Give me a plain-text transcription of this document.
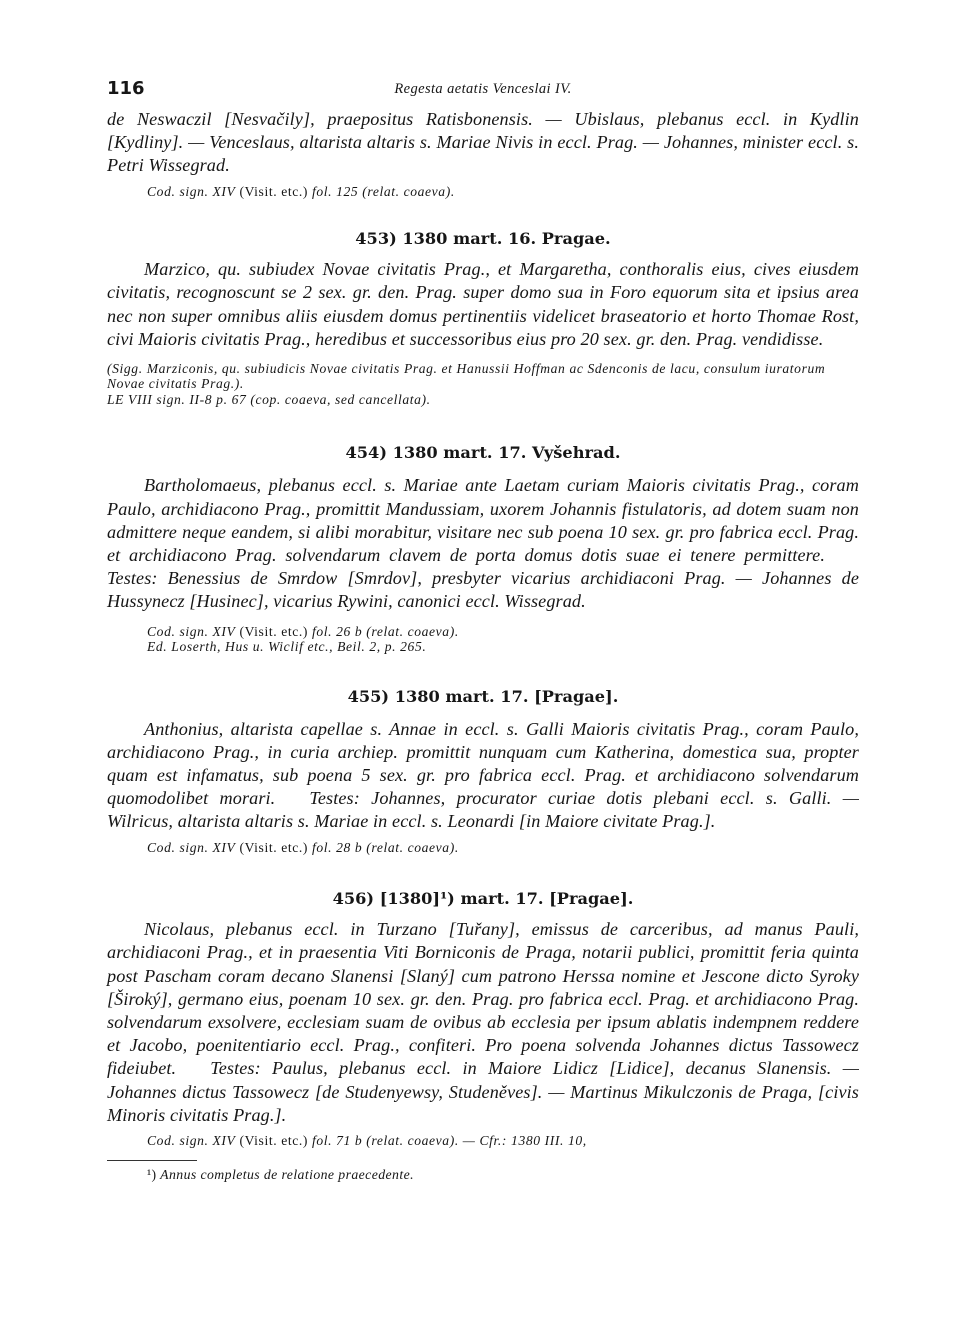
116	Regesta aetatis Venceslai IV.

de Neswaczil [Nesvačily], praepositus Ratisbonensis. — Ubislaus, plebanus eccl. in Kydlin [Kydliny]. — Venceslaus, altarista altaris s. Mariae Nivis in eccl. Prag. — Johannes, minister eccl. s. Petri Wissegrad.

Cod. sign. XIV (Visit. etc.) fol. 125 (relat. coaeva).

453) 1380 mart. 16. Pragae.

Marzico, qu. subiudex Novae civitatis Prag., et Margaretha, conthoralis eius, cives eiusdem civitatis, recognoscunt se 2 sex. gr. den. Prag. super domo sua in Foro equorum sita et ipsius area nec non super omnibus aliis eiusdem domus pertinentiis videlicet braseatorio et horto Thomae Rost, civi Maioris civitatis Prag., heredibus et successoribus eius pro 20 sex. gr. den. Prag. vendidisse.

(Sigg. Marziconis, qu. subiudicis Novae civitatis Prag. et Hanussii Hoffman ac Sdenconis de lacu, consulum iuratorum Novae civitatis Prag.).

LE VIII sign. II-8 p. 67 (cop. coaeva, sed cancellata).

454) 1380 mart. 17. Vyšehrad.

Bartholomaeus, plebanus eccl. s. Mariae ante Laetam curiam Maioris civitatis Prag., coram Paulo, archidiacono Prag., promittit Mandussiam, uxorem Johannis fistulatoris, ad dotem suam non admittere neque eandem, si alibi morabitur, visitare nec sub poena 10 sex. gr. pro fabrica eccl. Prag. et archidiacono Prag. solvendarum clavem de porta domus dotis suae ei tenere permittere.Testes: Benessius de Smrdow [Smrdov], presbyter vicarius archidiaconi Prag. — Johannes de Hussynecz [Husinec], vicarius Rywini, canonici eccl. Wissegrad.

Cod. sign. XIV (Visit. etc.) fol. 26 b (relat. coaeva).

Ed. Loserth, Hus u. Wiclif etc., Beil. 2, p. 265.

455) 1380 mart. 17. [Pragae].

Anthonius, altarista capellae s. Annae in eccl. s. Galli Maioris civitatis Prag., coram Paulo, archidiacono Prag., in curia archiep. promittit nunquam cum Katherina, domestica sua, propter quam est infamatus, sub poena 5 sex. gr. pro fabrica eccl. Prag. et archidiacono solvendarum quomodolibet morari. Testes: Johannes, procurator curiae dotis plebani eccl. s. Galli. — Wilricus, altarista altaris s. Mariae in eccl. s. Leonardi [in Maiore civitate Prag.].

Cod. sign. XIV (Visit. etc.) fol. 28 b (relat. coaeva).

456) [1380]¹) mart. 17. [Pragae].

Nicolaus, plebanus eccl. in Turzano [Tuřany], emissus de carceribus, ad manus Pauli, archidiaconi Prag., et in praesentia Viti Borniconis de Praga, notarii publici, promittit feria quinta post Pascham coram decano Slanensi [Slaný] cum patrono Herssa nomine et Jescone dicto Syroky [Široký], germano eius, poenam 10 sex. gr. den. Prag. pro fabrica eccl. Prag. et archidiacono Prag. solvendarum exsolvere, ecclesiam suam de ovibus ab ecclesia per ipsum ablatis indempnem reddere et Jacobo, poenitentiario eccl. Prag., confiteri. Pro poena solvenda Johannes dictus Tassowecz fideiubet. Testes: Paulus, plebanus eccl. in Maiore Lidicz [Lidice], decanus Slanensis. — Johannes dictus Tassowecz [de Studenyewsy, Studeněves]. — Martinus Mikulczonis de Praga, [civis Minoris civitatis Prag.].

Cod. sign. XIV (Visit. etc.) fol. 71 b (relat. coaeva). — Cfr.: 1380 III. 10,

¹) Annus completus de relatione praecedente.
